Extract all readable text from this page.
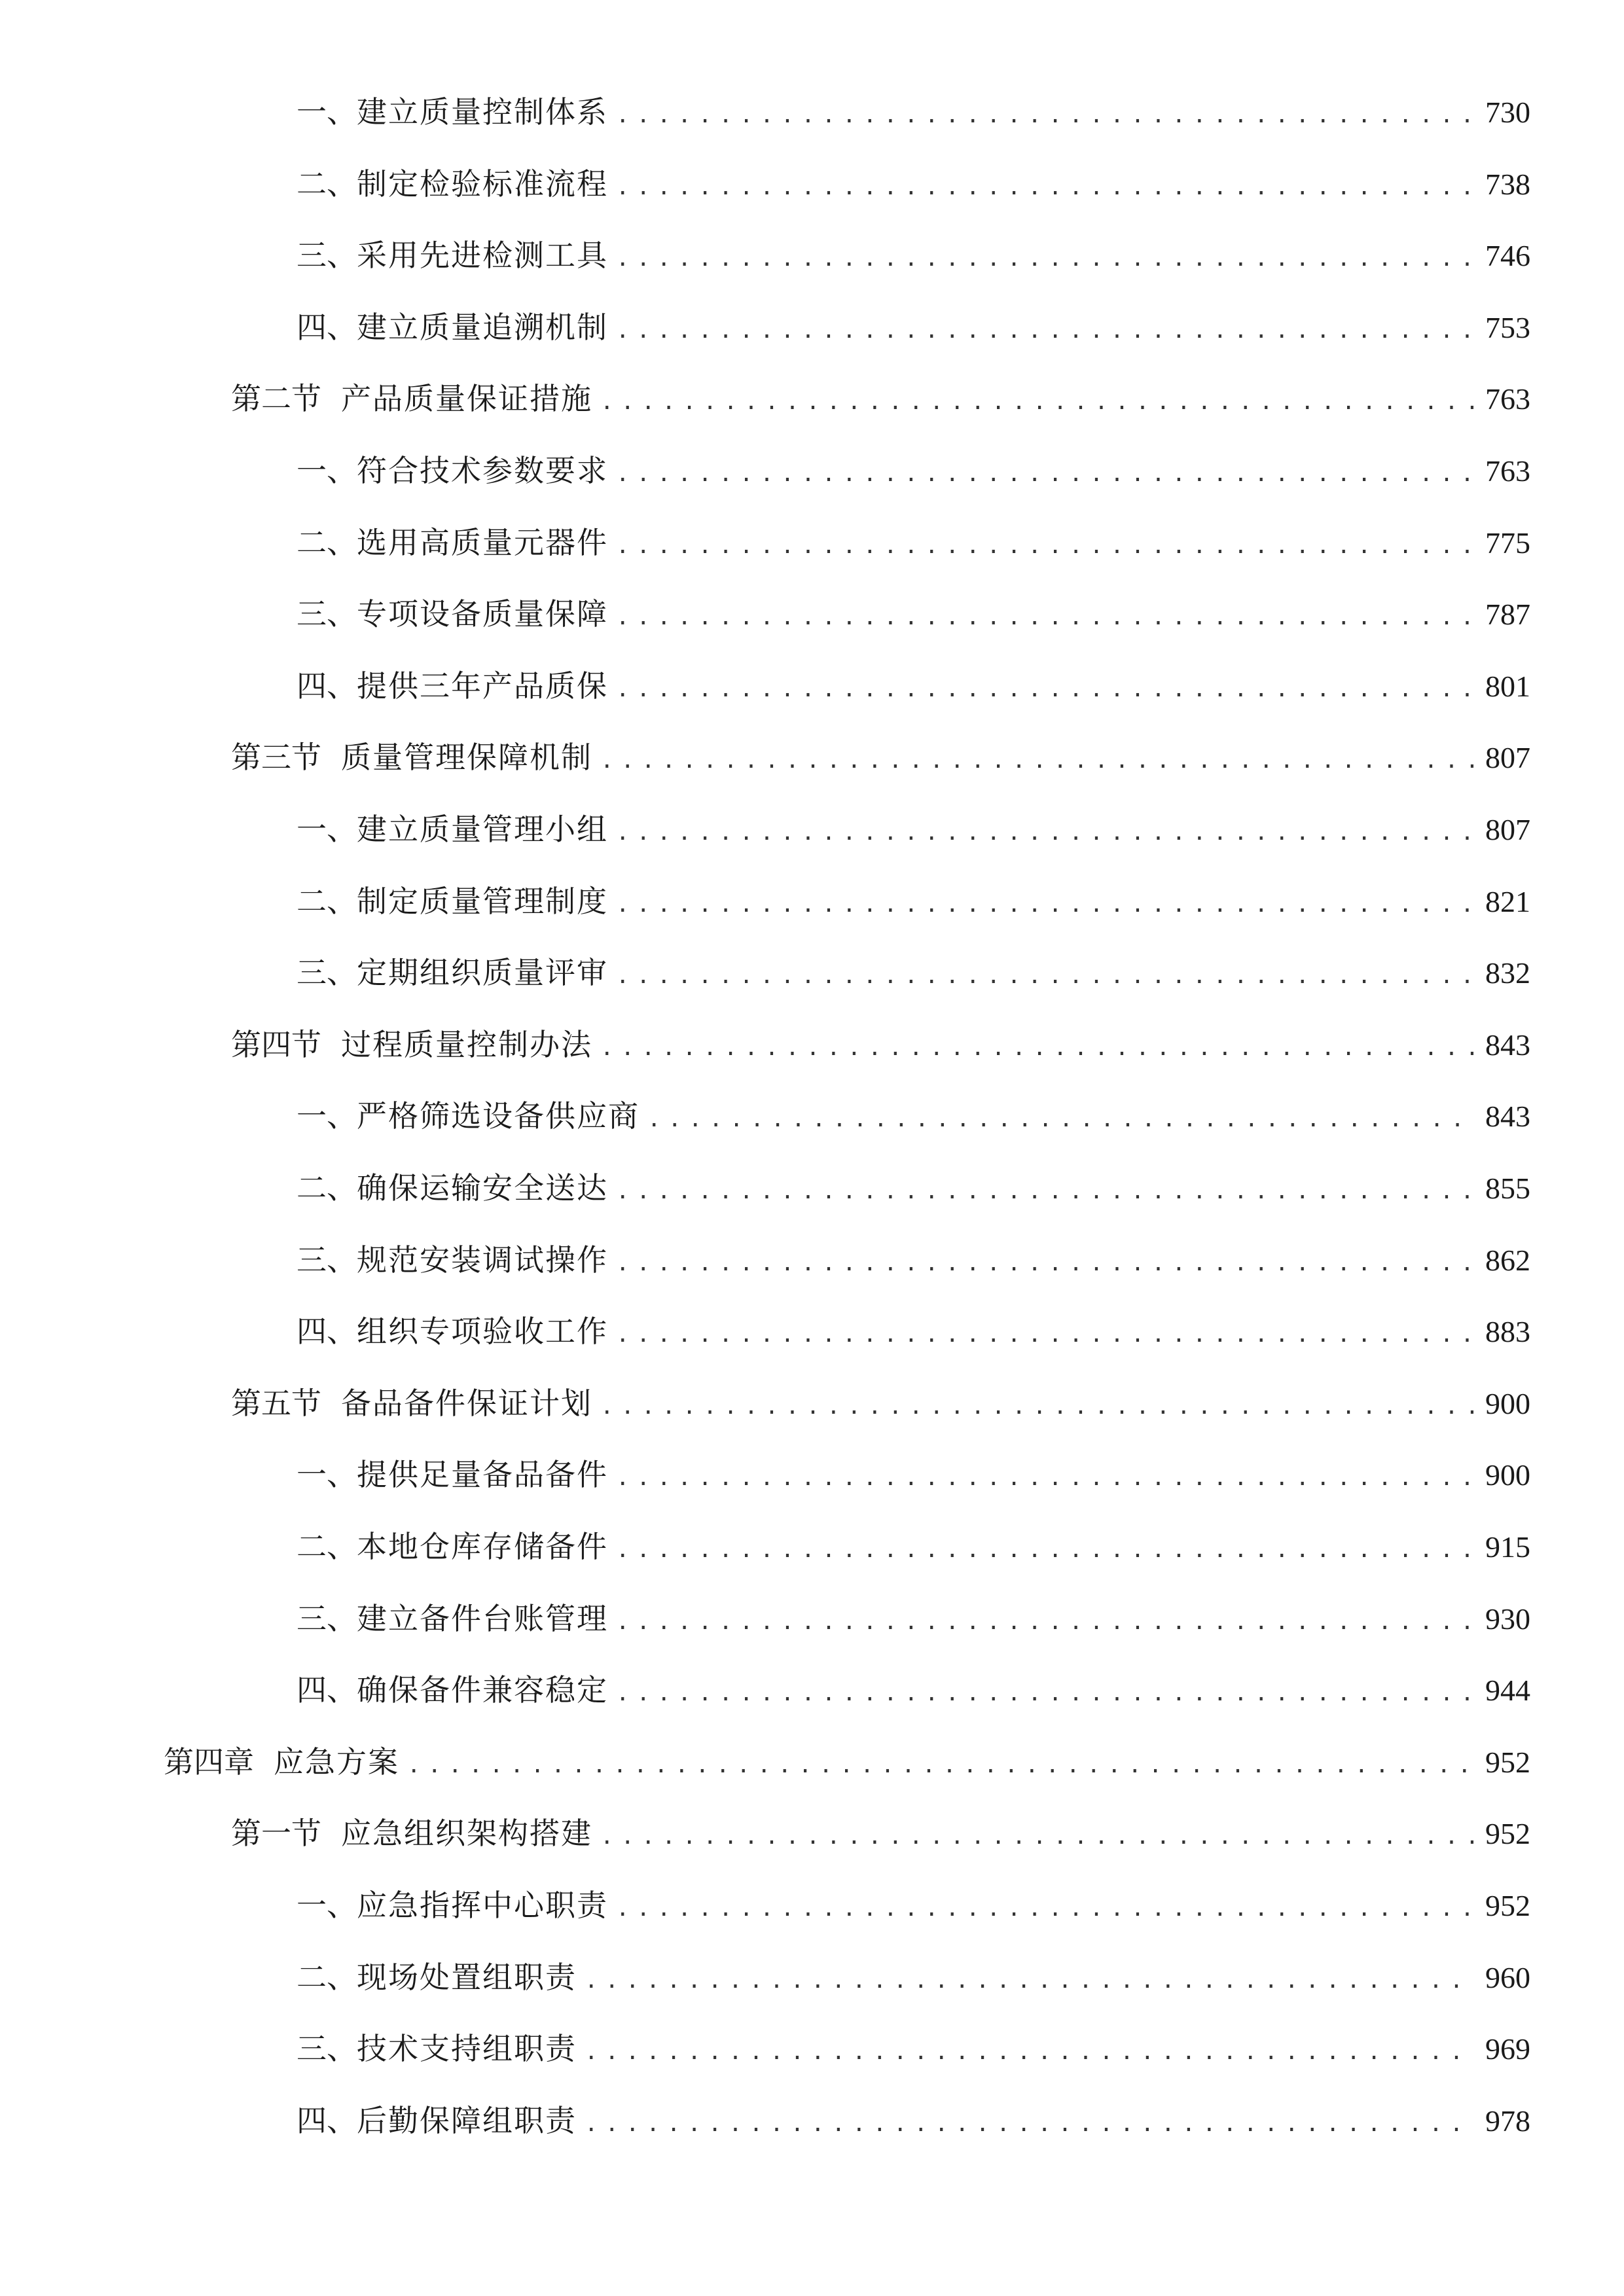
一、 建立质量控制体系 .....	730
二、 制定检验标准流程 .....	738
三、 采用先进检测工具 .....	746
四、 建立质量追溯机制 .....	753
第二节 产品质量保证措施 .....	763
一、 符合技术参数要求 .....	763
二、 选用高质量元器件 .....	775
三、 专项设备质量保障 .....	787
四、 提供三年产品质保 .....	801
第三节 质量管理保障机制 .....	807
一、 建立质量管理小组 .....	807
二、 制定质量管理制度 .....	821
三、 定期组织质量评审 .....	832
第四节 过程质量控制办法 .....	843
一、 严格筛选设备供应商 .....	843
二、 确保运输安全送达 .....	855
三、 规范安装调试操作 .....	862
四、 组织专项验收工作 .....	883
第五节 备品备件保证计划 .....	900
一、 提供足量备品备件 .....	900
二、 本地仓库存储备件 .....	915
三、 建立备件台账管理 .....	930
四、 确保备件兼容稳定 .....	944
第四章 应急方案 .....	952
第一节 应急组织架构搭建 .....	952
一、 应急指挥中心职责 .....	952
二、 现场处置组职责 .....	960
三、 技术支持组职责 .....	969
四、 后勤保障组职责 .....	978
